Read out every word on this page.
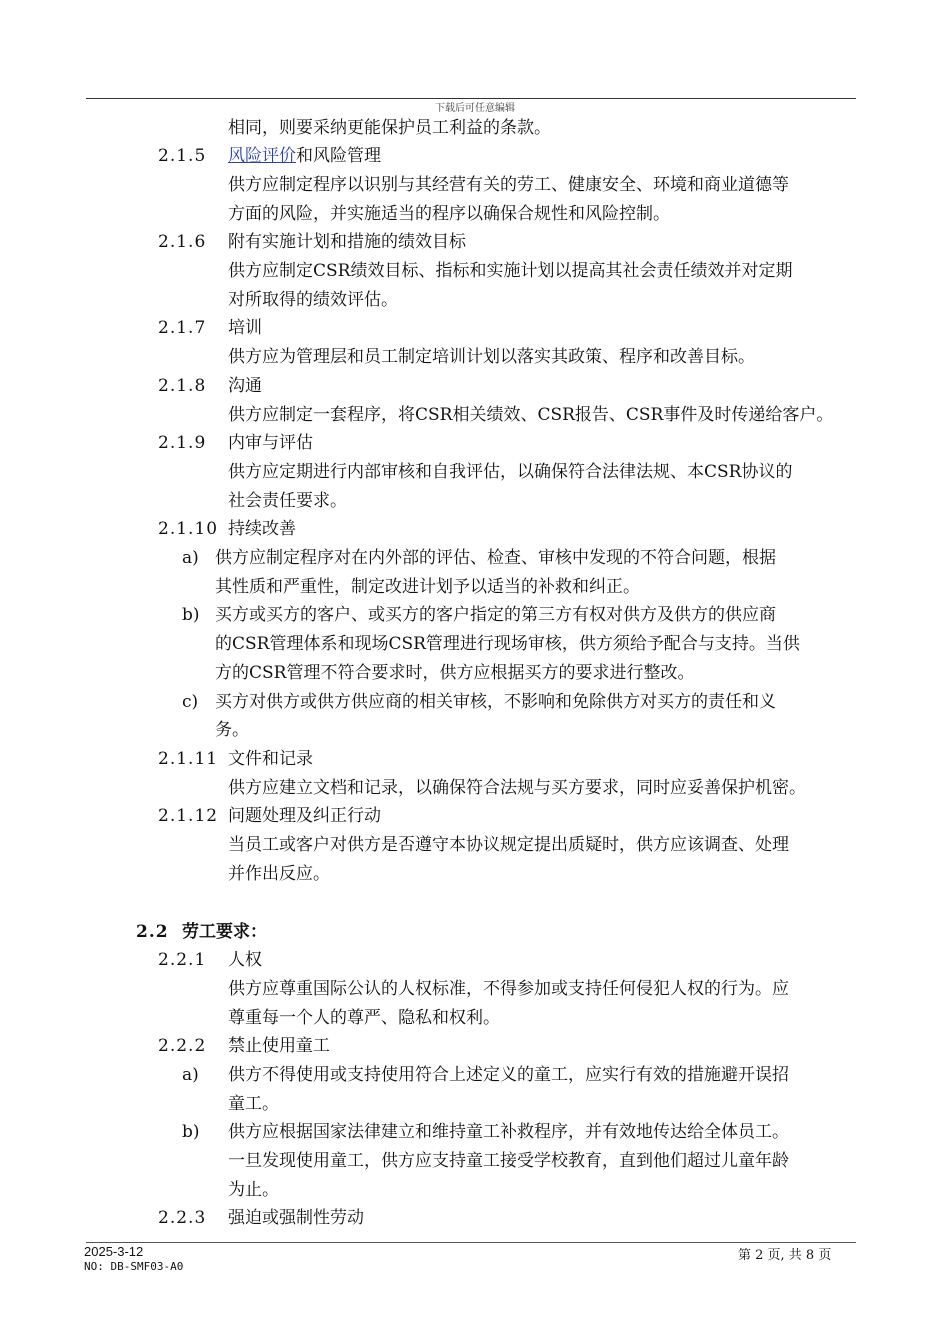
下载后可任意编辑
相同，则要采纳更能保护员工利益的条款。
2.1.5 风险评价和风险管理
供方应制定程序以识别与其经营有关的劳工、健康安全、环境和商业道德等
方面的风险，并实施适当的程序以确保合规性和风险控制。
2.1.6 附有实施计划和措施的绩效目标
供方应制定CSR绩效目标、指标和实施计划以提高其社会责任绩效并对定期
对所取得的绩效评估。
2.1.7 培训
供方应为管理层和员工制定培训计划以落实其政策、程序和改善目标。
2.1.8 沟通
供方应制定一套程序，将CSR相关绩效、CSR报告、CSR事件及时传递给客户。
2.1.9 内审与评估
供方应定期进行内部审核和自我评估，以确保符合法律法规、本CSR协议的
社会责任要求。
2.1.10 持续改善
a) 供方应制定程序对在内外部的评估、检查、审核中发现的不符合问题，根据
其性质和严重性，制定改进计划予以适当的补救和纠正。
b) 买方或买方的客户、或买方的客户指定的第三方有权对供方及供方的供应商
的CSR管理体系和现场CSR管理进行现场审核，供方须给予配合与支持。当供
方的CSR管理不符合要求时，供方应根据买方的要求进行整改。
c) 买方对供方或供方供应商的相关审核，不影响和免除供方对买方的责任和义
务。
2.1.11 文件和记录
供方应建立文档和记录，以确保符合法规与买方要求，同时应妥善保护机密。
2.1.12 问题处理及纠正行动
当员工或客户对供方是否遵守本协议规定提出质疑时，供方应该调查、处理
并作出反应。
2.2 劳工要求：
2.2.1 人权
供方应尊重国际公认的人权标准，不得参加或支持任何侵犯人权的行为。应
尊重每一个人的尊严、隐私和权利。
2.2.2 禁止使用童工
a) 供方不得使用或支持使用符合上述定义的童工，应实行有效的措施避开误招
童工。
b) 供方应根据国家法律建立和维持童工补救程序，并有效地传达给全体员工。
一旦发现使用童工，供方应支持童工接受学校教育，直到他们超过儿童年龄
为止。
2.2.3 强迫或强制性劳动
2025-3-12
NO: DB-SMF03-A0
第 2 页, 共 8 页
